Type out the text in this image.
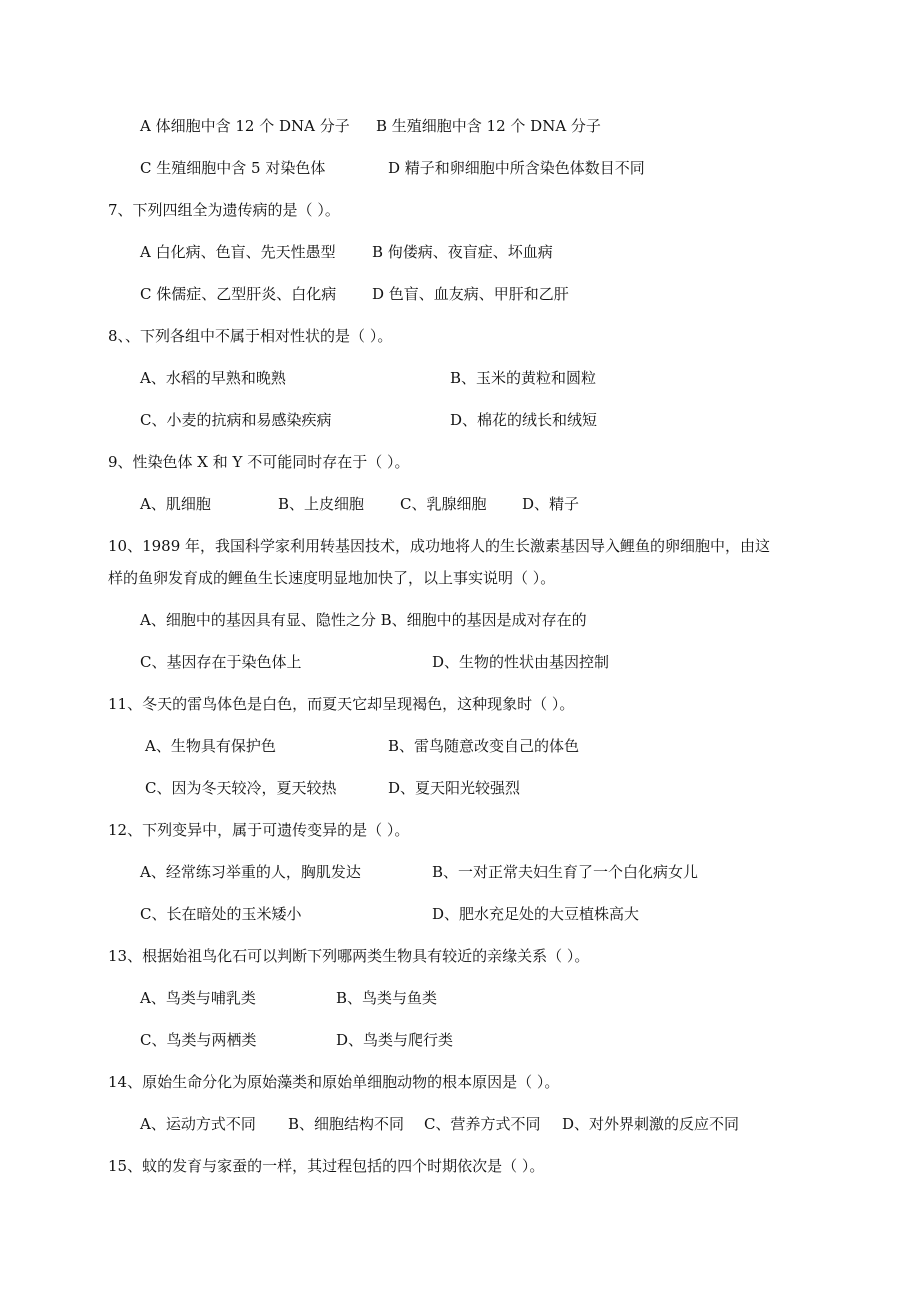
A 体细胞中含 12 个 DNA 分子 B 生殖细胞中含 12 个 DNA 分子
C 生殖细胞中含 5 对染色体	D 精子和卵细胞中所含染色体数目不同
7、下列四组全为遗传病的是（ ）。
A 白化病、色盲、先天性愚型 B 佝偻病、夜盲症、坏血病
C 侏儒症、乙型肝炎、白化病 D 色盲、血友病、甲肝和乙肝
8、、下列各组中不属于相对性状的是（ ）。
A、水稻的早熟和晚熟	B、玉米的黄粒和圆粒
C、小麦的抗病和易感染疾病	D、棉花的绒长和绒短
9、性染色体 X 和 Y 不可能同时存在于（ ）。
A、肌细胞	B、上皮细胞 C、乳腺细胞 D、精子
10、1989 年，我国科学家利用转基因技术，成功地将人的生长激素基因导入鲤鱼的卵细胞中，由这
样的鱼卵发育成的鲤鱼生长速度明显地加快了，以上事实说明（ ）。
A、细胞中的基因具有显、隐性之分 B、细胞中的基因是成对存在的
C、基因存在于染色体上	D、生物的性状由基因控制
11、冬天的雷鸟体色是白色，而夏天它却呈现褐色，这种现象时（ ）。
A、生物具有保护色	B、雷鸟随意改变自己的体色
C、因为冬天较冷，夏天较热	D、夏天阳光较强烈
12、下列变异中，属于可遗传变异的是（ ）。
A、经常练习举重的人，胸肌发达	B、一对正常夫妇生育了一个白化病女儿
C、长在暗处的玉米矮小	D、肥水充足处的大豆植株高大
13、根据始祖鸟化石可以判断下列哪两类生物具有较近的亲缘关系（ ）。
A、鸟类与哺乳类	B、鸟类与鱼类
C、鸟类与两栖类	D、鸟类与爬行类
14、原始生命分化为原始藻类和原始单细胞动物的根本原因是（ ）。
A、运动方式不同 B、细胞结构不同 C、营养方式不同 D、对外界刺激的反应不同
15、蚊的发育与家蚕的一样，其过程包括的四个时期依次是（ ）。
